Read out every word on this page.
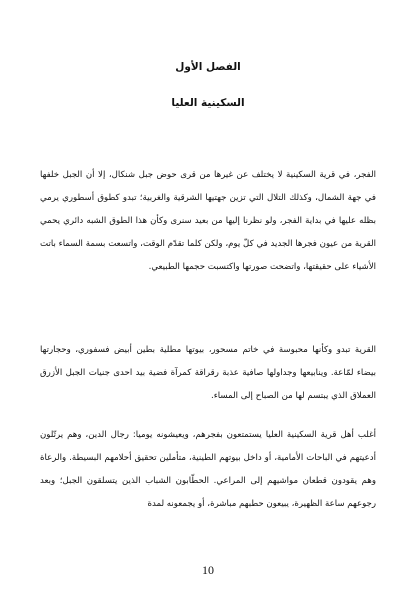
الفصل الأول
السكينية العليا

الفجر، في قرية السكينية لا يختلف عن غيرها من قرى حوض جبل شنكال، إلا أن الجبل خلفها في جهة الشمال، وكذلك التلال التي تزين جهتيها الشرقية والغربية؛ تبدو كطوق أسطوري يرمي بظله عليها في بداية الفجر، ولو نظرنا إليها من بعيد سنرى وكأن هذا الطوق الشبه دائري يحمي القرية من عيون فجرها الجديد في كلّ يوم، ولكن كلما تقدّم الوقت، واتسعت بسمة السماء باتت الأشياء على حقيقتها، واتضحت صورتها واكتسبت حجمها الطبيعي.

القرية تبدو وكأنها محبوسة في خاتم مسحور، بيوتها مطلية بطين أبيض فسفوري، وحجارتها بيضاء لمّاعة. وينابيعها وجداولها صافية عذبة رقراقة كمرآة فضية بيد احدى جنيات الجبل الأزرق العملاق الذي يبتسم لها من الصباح إلى المساء.

أغلب أهل قرية السكينية العليا يستمتعون بفجرهم، ويعيشونه يوميا: رجال الدين، وهم يرتّلون أدعيتهم في الباحات الأمامية، أو داخل بيوتهم الطينية، متأملين تحقيق أحلامهم البسيطة. والرعاة وهم يقودون قطعان مواشيهم إلى المراعي. الحطّابون الشباب الذين يتسلقون الجبل؛ وبعد رجوعهم ساعة الظهيرة، يبيعون حطبهم مباشرة، أو يجمعونه لمدة

10
